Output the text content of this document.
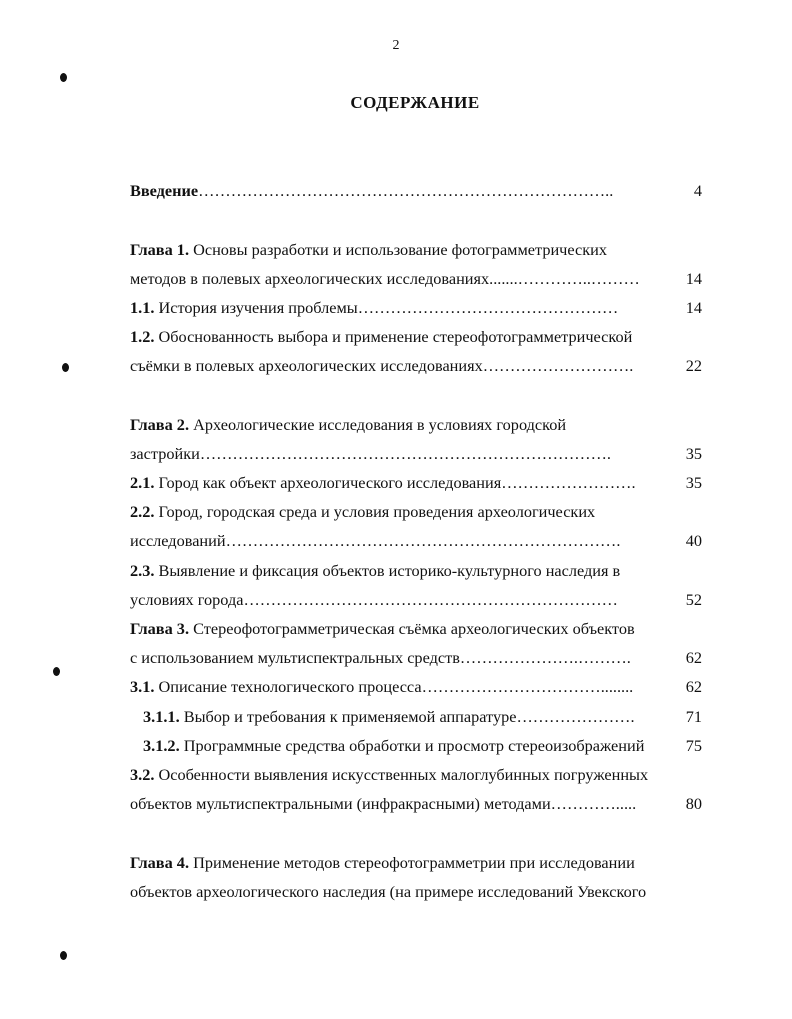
2
СОДЕРЖАНИЕ
Введение…………………………………………………………………..	4
Глава 1. Основы разработки и использование фотограмметрических
методов в полевых археологических исследованиях.......…………..………	14
1.1. История изучения проблемы…………………………………………	14
1.2. Обоснованность выбора и применение стереофотограмметрической
съёмки в полевых археологических исследованиях……………………….	22
Глава 2. Археологические исследования в условиях городской
застройки………………………………………………………………….	35
2.1. Город как объект археологического исследования…………………….	35
2.2. Город, городская среда и условия проведения археологических
исследований……………………………………………………………….	40
2.3. Выявление и фиксация объектов историко-культурного наследия в
условиях города……………………………………………………………	52
Глава 3. Стереофотограмметрическая съёмка археологических объектов
с использованием мультиспектральных средств………………….……….	62
3.1. Описание технологического процесса……………………………........	62
3.1.1. Выбор и требования к применяемой аппаратуре………………….	71
3.1.2. Программные средства обработки и просмотр стереоизображений	75
3.2. Особенности выявления искусственных малоглубинных погруженных
объектов мультиспектральными (инфракрасными) методами………….....	80
Глава 4. Применение методов стереофотограмметрии при исследовании
объектов археологического наследия (на примере исследований Увекского
